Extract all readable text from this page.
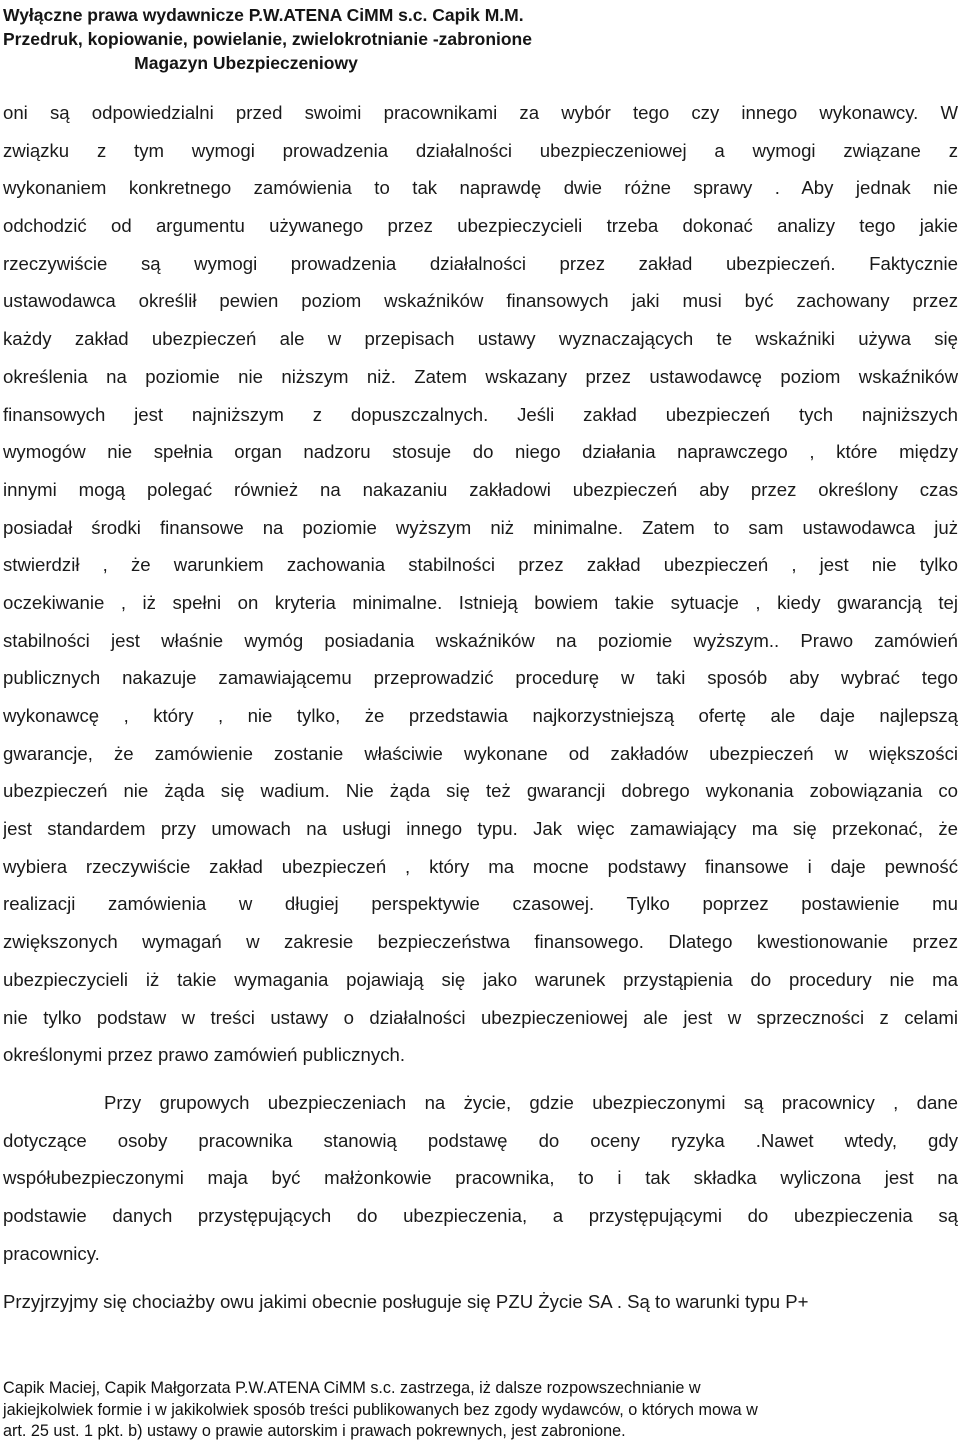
Wyłączne prawa wydawnicze P.W.ATENA CiMM s.c. Capik M.M.
Przedruk, kopiowanie, powielanie, zwielokrotnianie -zabronione
Magazyn Ubezpieczeniowy
oni są odpowiedzialni przed swoimi pracownikami za wybór tego czy innego wykonawcy. W
związku z tym wymogi prowadzenia działalności ubezpieczeniowej a wymogi związane z
wykonaniem konkretnego zamówienia to tak naprawdę dwie różne sprawy . Aby jednak nie
odchodzić od argumentu używanego przez ubezpieczycieli trzeba dokonać analizy tego jakie
rzeczywiście są wymogi prowadzenia działalności przez zakład ubezpieczeń. Faktycznie
ustawodawca określił pewien poziom wskaźników finansowych jaki musi być zachowany przez
każdy zakład ubezpieczeń ale w przepisach ustawy wyznaczających te wskaźniki używa się
określenia na poziomie nie niższym niż. Zatem wskazany przez ustawodawcę poziom wskaźników
finansowych jest najniższym z dopuszczalnych. Jeśli zakład ubezpieczeń tych najniższych
wymogów nie spełnia organ nadzoru stosuje do niego działania naprawczego , które między
innymi mogą polegać również na nakazaniu zakładowi ubezpieczeń aby przez określony czas
posiadał środki finansowe na poziomie wyższym niż minimalne. Zatem to sam ustawodawca już
stwierdził , że warunkiem zachowania stabilności przez zakład ubezpieczeń , jest nie tylko
oczekiwanie , iż spełni on kryteria minimalne. Istnieją bowiem takie sytuacje , kiedy gwarancją tej
stabilności jest właśnie wymóg posiadania wskaźników na poziomie wyższym.. Prawo zamówień
publicznych nakazuje zamawiającemu przeprowadzić procedurę w taki sposób aby wybrać tego
wykonawcę , który , nie tylko, że przedstawia najkorzystniejszą ofertę ale daje najlepszą
gwarancje, że zamówienie zostanie właściwie wykonane od zakładów ubezpieczeń w większości
ubezpieczeń nie żąda się wadium. Nie żąda się też gwarancji dobrego wykonania zobowiązania co
jest standardem przy umowach na usługi innego typu. Jak więc zamawiający ma się przekonać, że
wybiera rzeczywiście zakład ubezpieczeń , który ma mocne podstawy finansowe i daje pewność
realizacji zamówienia w długiej perspektywie czasowej. Tylko poprzez postawienie mu
zwiększonych wymagań w zakresie bezpieczeństwa finansowego. Dlatego kwestionowanie przez
ubezpieczycieli iż takie wymagania pojawiają się jako warunek przystąpienia do procedury nie ma
nie tylko podstaw w treści ustawy o działalności ubezpieczeniowej ale jest w sprzeczności z celami
określonymi przez prawo zamówień publicznych.
Przy grupowych ubezpieczeniach na życie, gdzie ubezpieczonymi są pracownicy , dane
dotyczące osoby pracownika stanowią podstawę do oceny ryzyka .Nawet wtedy, gdy
współubezpieczonymi maja być małżonkowie pracownika, to i tak składka wyliczona jest na
podstawie danych przystępujących do ubezpieczenia, a przystępującymi do ubezpieczenia są
pracownicy.
Przyjrzyjmy się chociażby owu jakimi obecnie posługuje się PZU Życie SA . Są to warunki typu P+
Capik Maciej, Capik Małgorzata P.W.ATENA CiMM s.c. zastrzega, iż dalsze rozpowszechnianie w
jakiejkolwiek formie i w jakikolwiek sposób treści publikowanych bez zgody wydawców, o których mowa w
art. 25 ust. 1 pkt. b) ustawy o prawie autorskim i prawach pokrewnych, jest zabronione.
